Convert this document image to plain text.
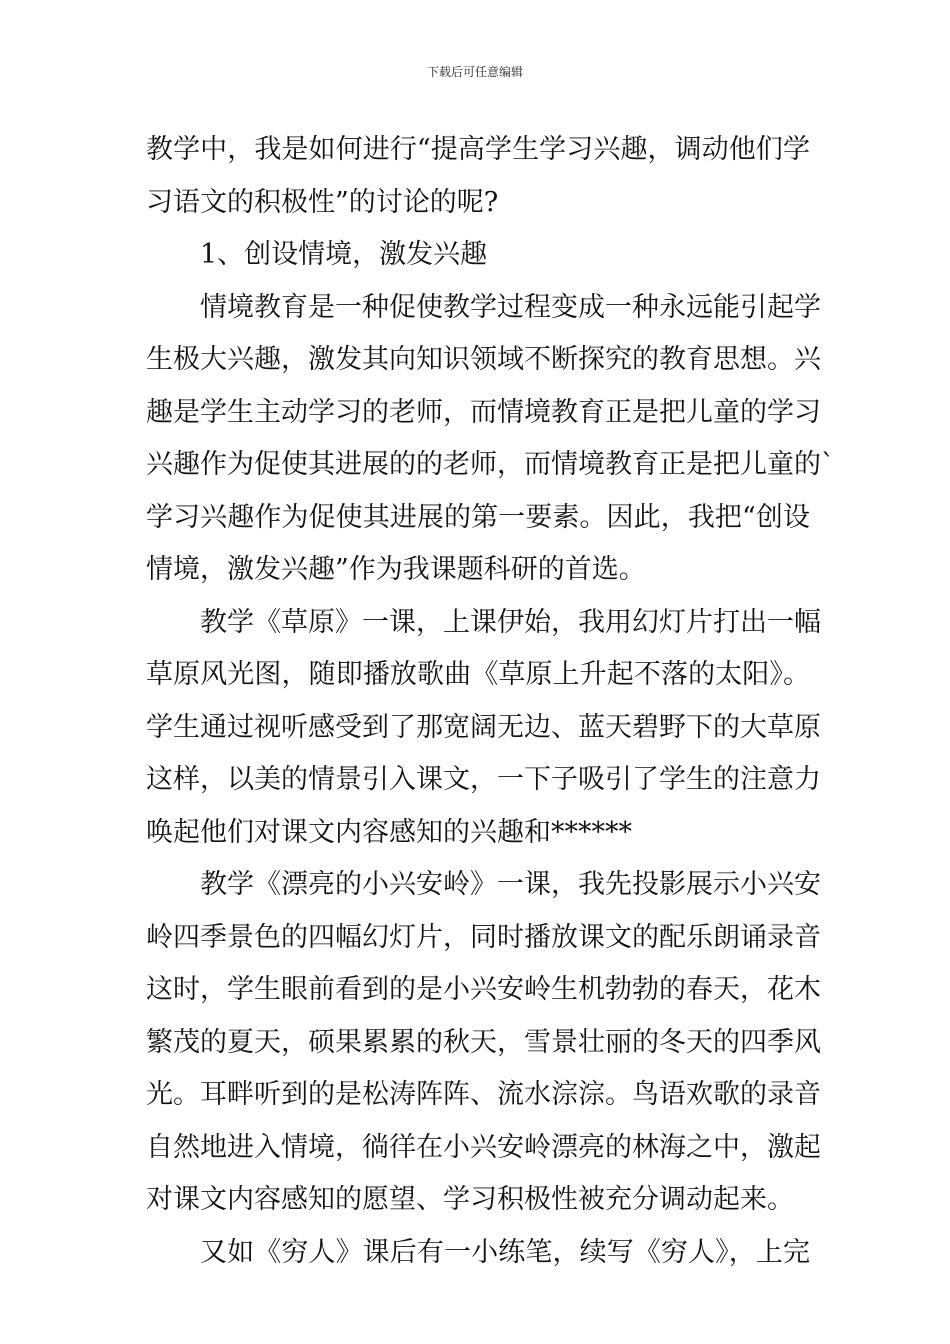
下载后可任意编辑
教学中，我是如何进行“提高学生学习兴趣，调动他们学
习语文的积极性”的讨论的呢?
1、创设情境，激发兴趣
情境教育是一种促使教学过程变成一种永远能引起学
生极大兴趣，激发其向知识领域不断探究的教育思想。兴
趣是学生主动学习的老师，而情境教育正是把儿童的学习
兴趣作为促使其进展的的老师，而情境教育正是把儿童的`
学习兴趣作为促使其进展的第一要素。因此，我把“创设
情境，激发兴趣”作为我课题科研的首选。
教学《草原》一课，上课伊始，我用幻灯片打出一幅
草原风光图，随即播放歌曲《草原上升起不落的太阳》。
学生通过视听感受到了那宽阔无边、蓝天碧野下的大草原
这样，以美的情景引入课文，一下子吸引了学生的注意力
唤起他们对课文内容感知的兴趣和******
教学《漂亮的小兴安岭》一课，我先投影展示小兴安
岭四季景色的四幅幻灯片，同时播放课文的配乐朗诵录音
这时，学生眼前看到的是小兴安岭生机勃勃的春天，花木
繁茂的夏天，硕果累累的秋天，雪景壮丽的冬天的四季风
光。耳畔听到的是松涛阵阵、流水淙淙。鸟语欢歌的录音
自然地进入情境，徜徉在小兴安岭漂亮的林海之中，激起
对课文内容感知的愿望、学习积极性被充分调动起来。
又如《穷人》课后有一小练笔，续写《穷人》，上完
